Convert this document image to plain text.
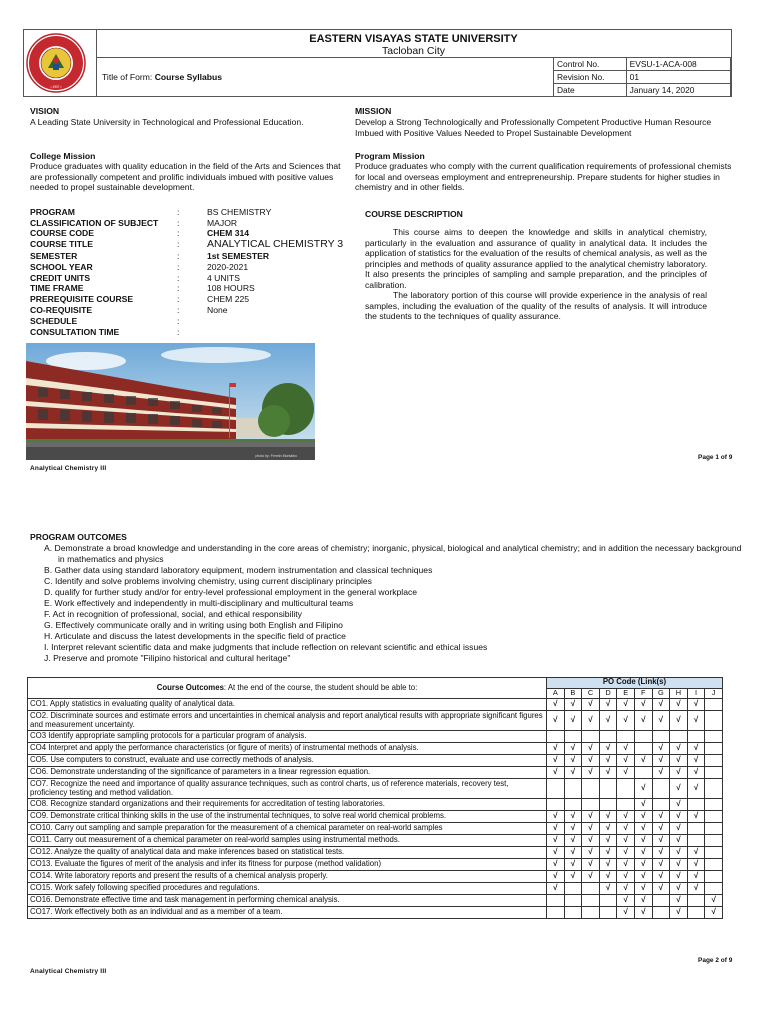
• 1907 •
EASTERN VISAYAS STATE UNIVERSITY
Tacloban City
Title of Form: Course Syllabus
Control No.	EVSU-1-ACA-008
Revision No.	01
Date	January 14, 2020
VISION
A Leading State University in Technological and Professional Education.
MISSION
Develop a Strong Technologically and Professionally Competent Productive Human Resource Imbued with Positive Values Needed to Propel Sustainable Development
College Mission
Produce graduates with quality education in the field of the Arts and Sciences that are professionally competent and prolific individuals imbued with positive values needed to propel sustainable development.
Program Mission
Produce graduates who comply with the current qualification requirements of professional chemists for local and overseas employment and entrepreneurship. Prepare students for higher studies in chemistry and in other fields.
PROGRAM	:	BS CHEMISTRY
CLASSIFICATION OF SUBJECT	:	MAJOR
COURSE CODE	:	CHEM 314
COURSE TITLE	:	ANALYTICAL CHEMISTRY 3
SEMESTER	:	1st SEMESTER
SCHOOL YEAR	:	2020-2021
CREDIT UNITS	:	4 UNITS
TIME FRAME	:	108 HOURS
PREREQUISITE COURSE	:	CHEM 225
CO-REQUISITE	:	None
SCHEDULE	:
CONSULTATION TIME	:
COURSE DESCRIPTION

This course aims to deepen the knowledge and skills in analytical chemistry, particularly in the evaluation and assurance of quality in analytical data. It includes the application of statistics for the evaluation of the results of chemical analysis, as well as the principles and methods of quality assurance applied to the analytical chemistry laboratory. It also presents the principles of sampling and sample preparation, and the principles of calibration.

The laboratory portion of this course will provide experience in the analysis of real samples, including the evaluation of the quality of the results of analysis. It will introduce the students to the techniques of quality assurance.

photo by: Fermin Montalbo
Analytical Chemistry III
Page 1 of 9
PROGRAM OUTCOMES
A. Demonstrate a broad knowledge and understanding in the core areas of chemistry; inorganic, physical, biological and analytical chemistry; and in addition the necessary background in mathematics and physics
B. Gather data using standard laboratory equipment, modern instrumentation and classical techniques
C. Identify and solve problems involving chemistry, using current disciplinary principles
D. qualify for further study and/or for entry-level professional employment in the general workplace
E. Work effectively and independently in multi-disciplinary and multicultural teams
F. Act in recognition of professional, social, and ethical responsibility
G. Effectively communicate orally and in writing using both English and Filipino
H. Articulate and discuss the latest developments in the specific field of practice
I. Interpret relevant scientific data and make judgments that include reflection on relevant scientific and ethical issues
J. Preserve and promote "Filipino historical and cultural heritage"
Course Outcomes: At the end of the course, the student should be able to:	PO Code (Link(s)									
	A	B	C	D	E	F	G	H	I	J
CO1. Apply statistics in evaluating quality of analytical data.	√	√	√	√	√	√	√	√	√	
CO2. Discriminate sources and estimate errors and uncertainties in chemical analysis and report analytical results with appropriate significant figures and measurement uncertainty.	√	√	√	√	√	√	√	√	√	
CO3 Identify appropriate sampling protocols for a particular program of analysis.										
CO4 Interpret and apply the performance characteristics (or figure of merits) of instrumental methods of analysis.	√	√	√	√	√		√	√	√	
CO5. Use computers to construct, evaluate and use correctly methods of analysis.	√	√	√	√	√	√	√	√	√	
CO6. Demonstrate understanding of the significance of parameters in a linear regression equation.	√	√	√	√	√		√	√	√	
CO7. Recognize the need and importance of quality assurance techniques, such as control charts, us of reference materials, recovery test, proficiency testing and method validation.						√		√	√	
CO8. Recognize standard organizations and their requirements for accreditation of testing laboratories.						√		√		
CO9. Demonstrate critical thinking skills in the use of the instrumental techniques, to solve real world chemical problems.	√	√	√	√	√	√	√	√	√	
CO10. Carry out sampling and sample preparation for the measurement of a chemical parameter on real-world samples	√	√	√	√	√	√	√	√		
CO11. Carry out measurement of a chemical parameter on real-world samples using instrumental methods.	√	√	√	√	√	√	√	√		
CO12. Analyze the quality of analytical data and make inferences based on statistical tests.	√	√	√	√	√	√	√	√	√	
CO13. Evaluate the figures of merit of the analysis and infer its fitness for purpose (method validation)	√	√	√	√	√	√	√	√	√	
CO14. Write laboratory reports and present the results of a chemical analysis properly.	√	√	√	√	√	√	√	√	√	
CO15. Work safely following specified procedures and regulations.	√			√	√	√	√	√	√	
CO16. Demonstrate effective time and task management in performing chemical analysis.					√	√		√		√
CO17. Work effectively both as an individual and as a member of a team.					√	√		√		√
Analytical Chemistry III
Page 2 of 9
